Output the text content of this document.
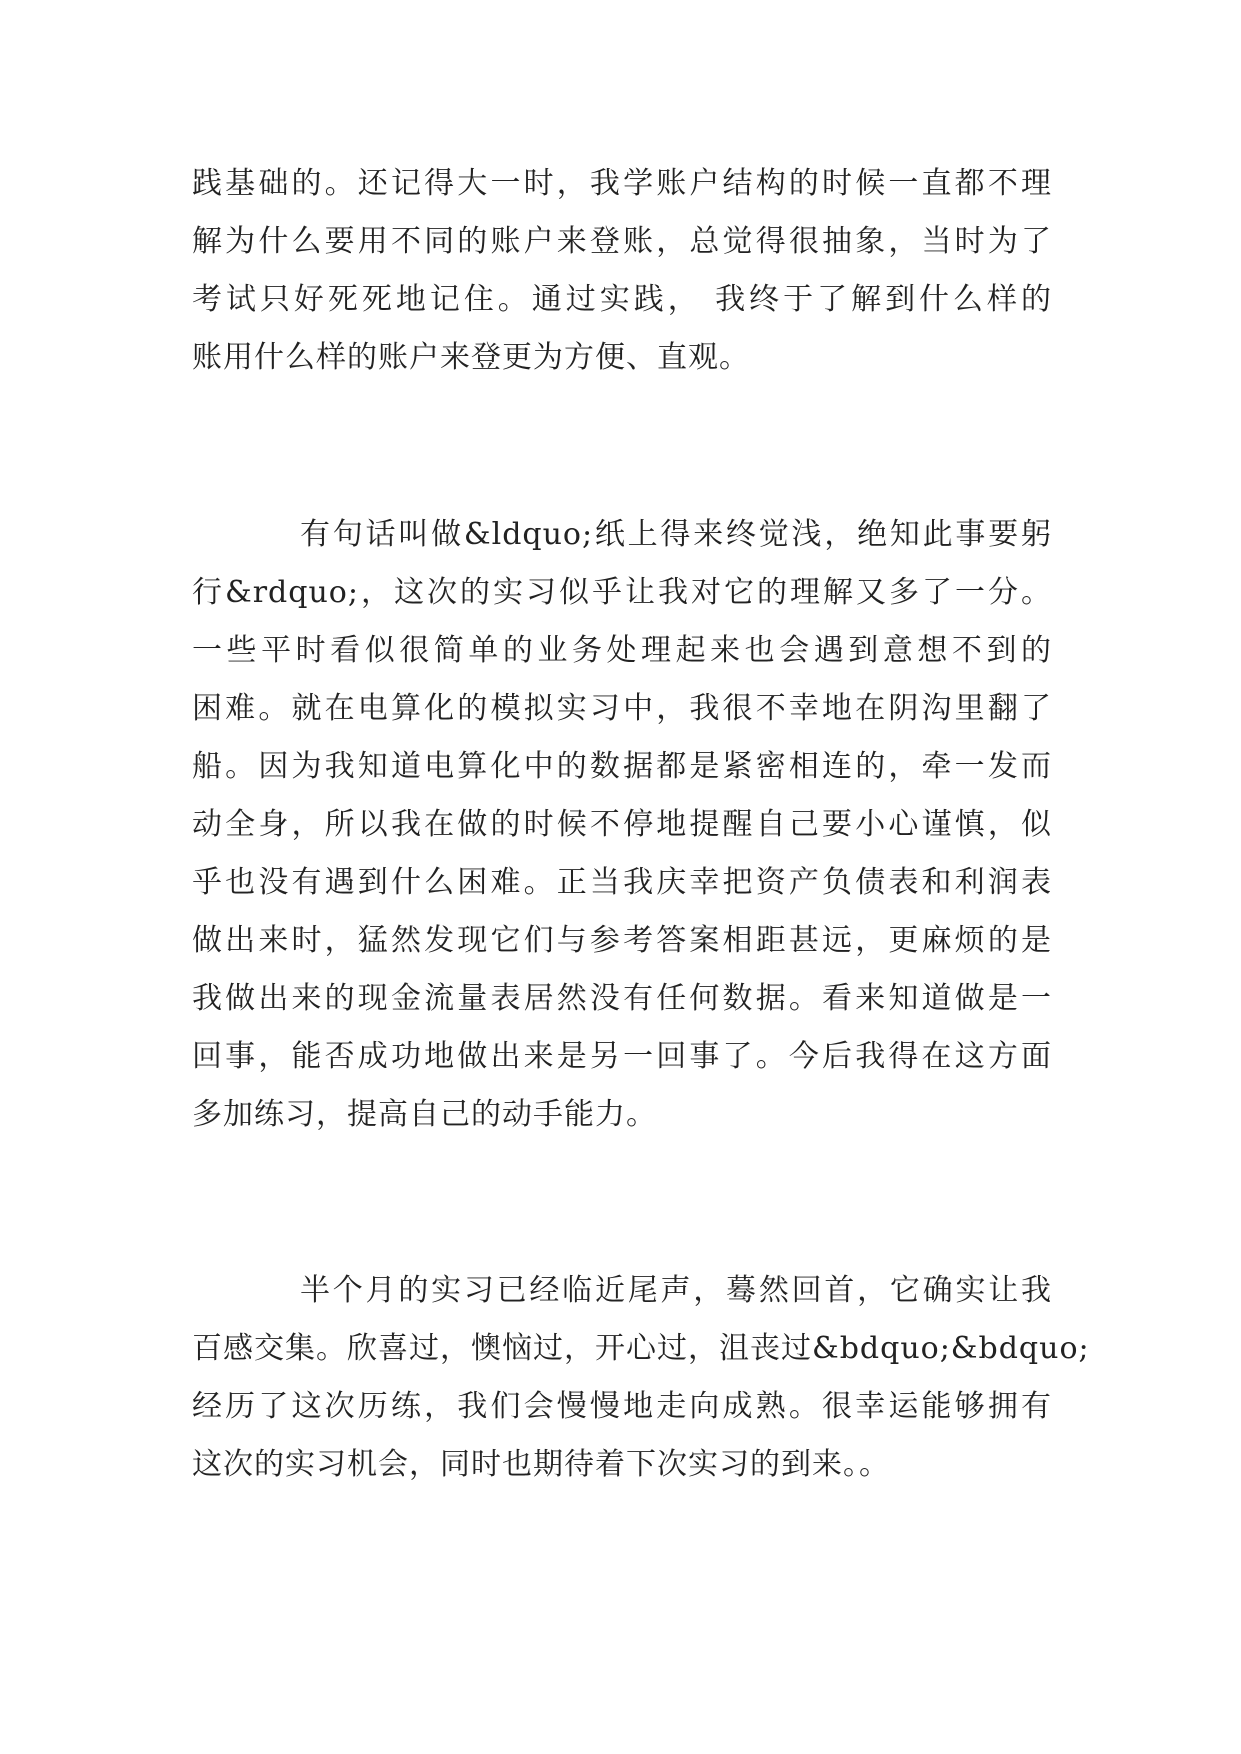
践基础的。还记得大一时，我学账户结构的时候一直都不理
解为什么要用不同的账户来登账，总觉得很抽象，当时为了
考试只好死死地记住。通过实践， 我终于了解到什么样的
账用什么样的账户来登更为方便、直观。
有句话叫做&ldquo;纸上得来终觉浅，绝知此事要躬
行&rdquo;，这次的实习似乎让我对它的理解又多了一分。
一些平时看似很简单的业务处理起来也会遇到意想不到的
困难。就在电算化的模拟实习中，我很不幸地在阴沟里翻了
船。因为我知道电算化中的数据都是紧密相连的，牵一发而
动全身，所以我在做的时候不停地提醒自己要小心谨慎，似
乎也没有遇到什么困难。正当我庆幸把资产负债表和利润表
做出来时，猛然发现它们与参考答案相距甚远，更麻烦的是
我做出来的现金流量表居然没有任何数据。看来知道做是一
回事，能否成功地做出来是另一回事了。今后我得在这方面
多加练习，提高自己的动手能力。
半个月的实习已经临近尾声，蓦然回首，它确实让我
百感交集。欣喜过，懊恼过，开心过，沮丧过&bdquo;&bdquo;
经历了这次历练，我们会慢慢地走向成熟。很幸运能够拥有
这次的实习机会，同时也期待着下次实习的到来。。
